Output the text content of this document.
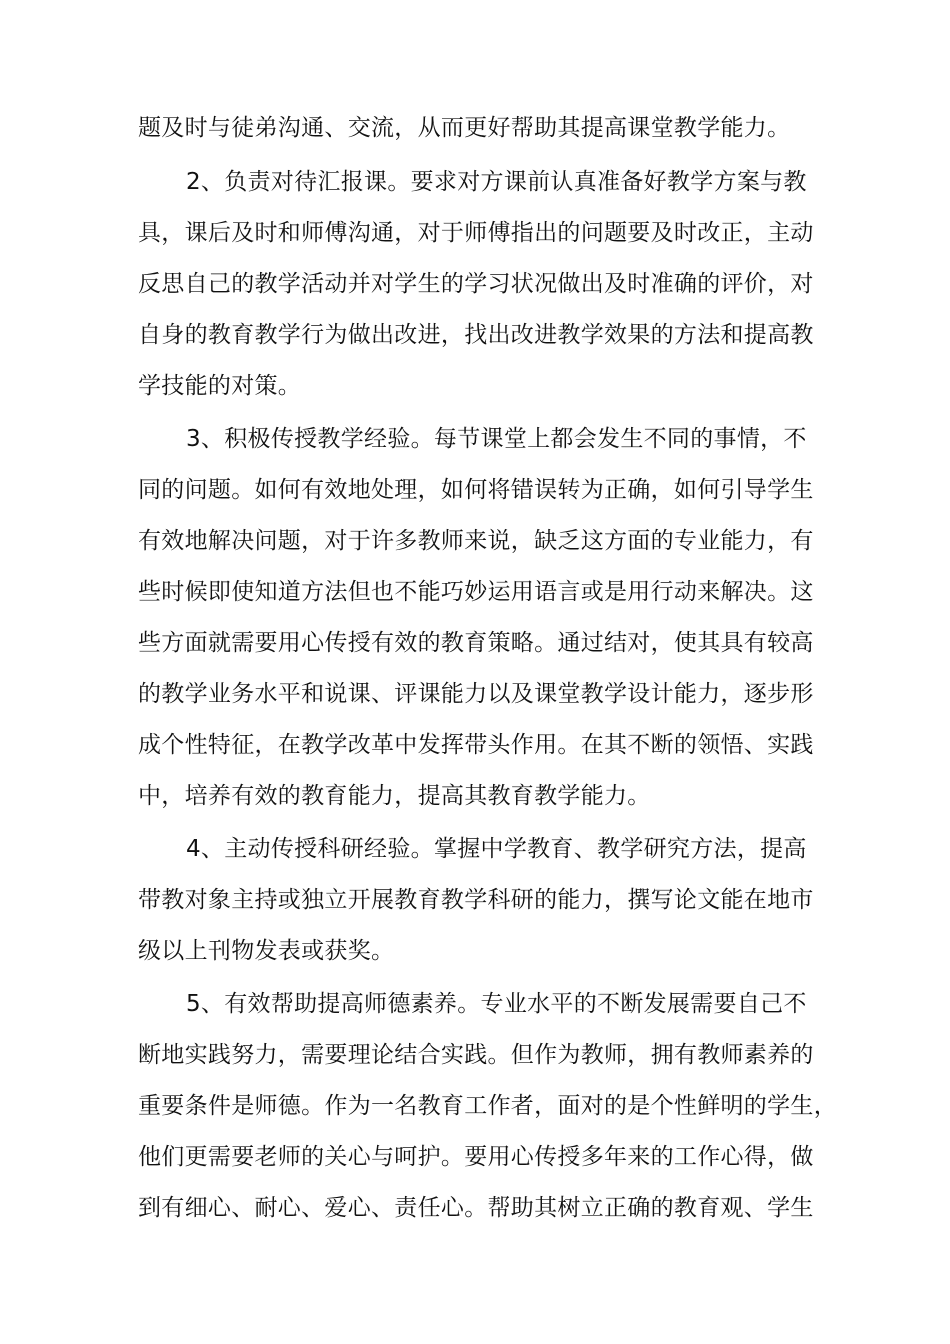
题及时与徒弟沟通、交流，从而更好帮助其提高课堂教学能力。
2、负责对待汇报课。要求对方课前认真准备好教学方案与教
具，课后及时和师傅沟通，对于师傅指出的问题要及时改正，主动
反思自己的教学活动并对学生的学习状况做出及时准确的评价，对
自身的教育教学行为做出改进，找出改进教学效果的方法和提高教
学技能的对策。
3、积极传授教学经验。每节课堂上都会发生不同的事情，不
同的问题。如何有效地处理，如何将错误转为正确，如何引导学生
有效地解决问题，对于许多教师来说，缺乏这方面的专业能力，有
些时候即使知道方法但也不能巧妙运用语言或是用行动来解决。这
些方面就需要用心传授有效的教育策略。通过结对，使其具有较高
的教学业务水平和说课、评课能力以及课堂教学设计能力，逐步形
成个性特征，在教学改革中发挥带头作用。在其不断的领悟、实践
中，培养有效的教育能力，提高其教育教学能力。
4、主动传授科研经验。掌握中学教育、教学研究方法，提高
带教对象主持或独立开展教育教学科研的能力，撰写论文能在地市
级以上刊物发表或获奖。
5、有效帮助提高师德素养。专业水平的不断发展需要自己不
断地实践努力，需要理论结合实践。但作为教师，拥有教师素养的
重要条件是师德。作为一名教育工作者，面对的是个性鲜明的学生，
他们更需要老师的关心与呵护。要用心传授多年来的工作心得，做
到有细心、耐心、爱心、责任心。帮助其树立正确的教育观、学生
